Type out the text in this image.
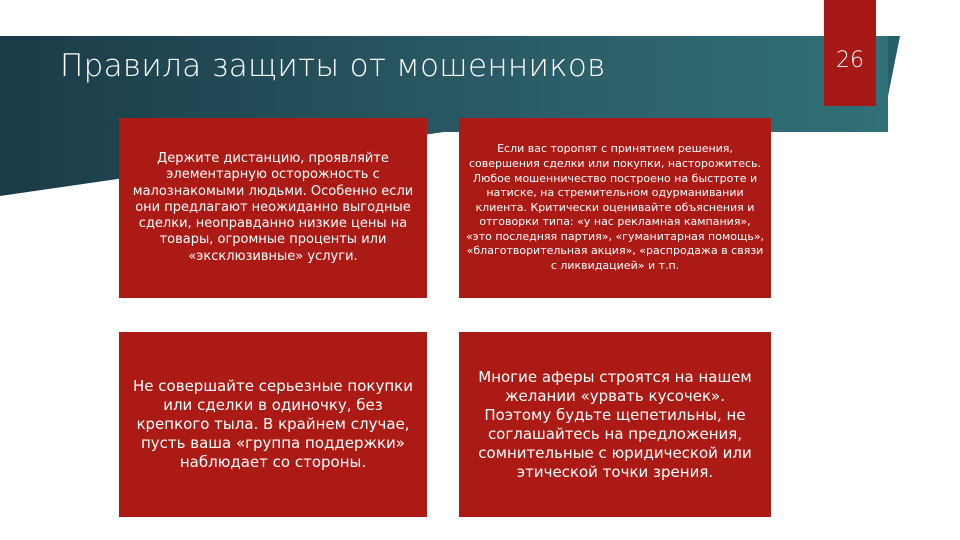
Правила защиты от мошенников	26
Держите дистанцию, проявляйте элементарную осторожность с малознакомыми людьми. Особенно если они предлагают неожиданно выгодные сделки, неоправданно низкие цены на товары, огромные проценты или «эксклюзивные» услуги.
Если вас торопят с принятием решения, совершения сделки или покупки, насторожитесь. Любое мошенничество построено на быстроте и натиске, на стремительном одурманивании клиента. Критически оценивайте объяснения и отговорки типа: «у нас рекламная кампания», «это последняя партия», «гуманитарная помощь», «благотворительная акция», «распродажа в связи с ликвидацией» и т.п.
Не совершайте серьезные покупки или сделки в одиночку, без крепкого тыла. В крайнем случае, пусть ваша «группа поддержки» наблюдает со стороны.
Многие аферы строятся на нашем желании «урвать кусочек». Поэтому будьте щепетильны, не соглашайтесь на предложения, сомнительные с юридической или этической точки зрения.
